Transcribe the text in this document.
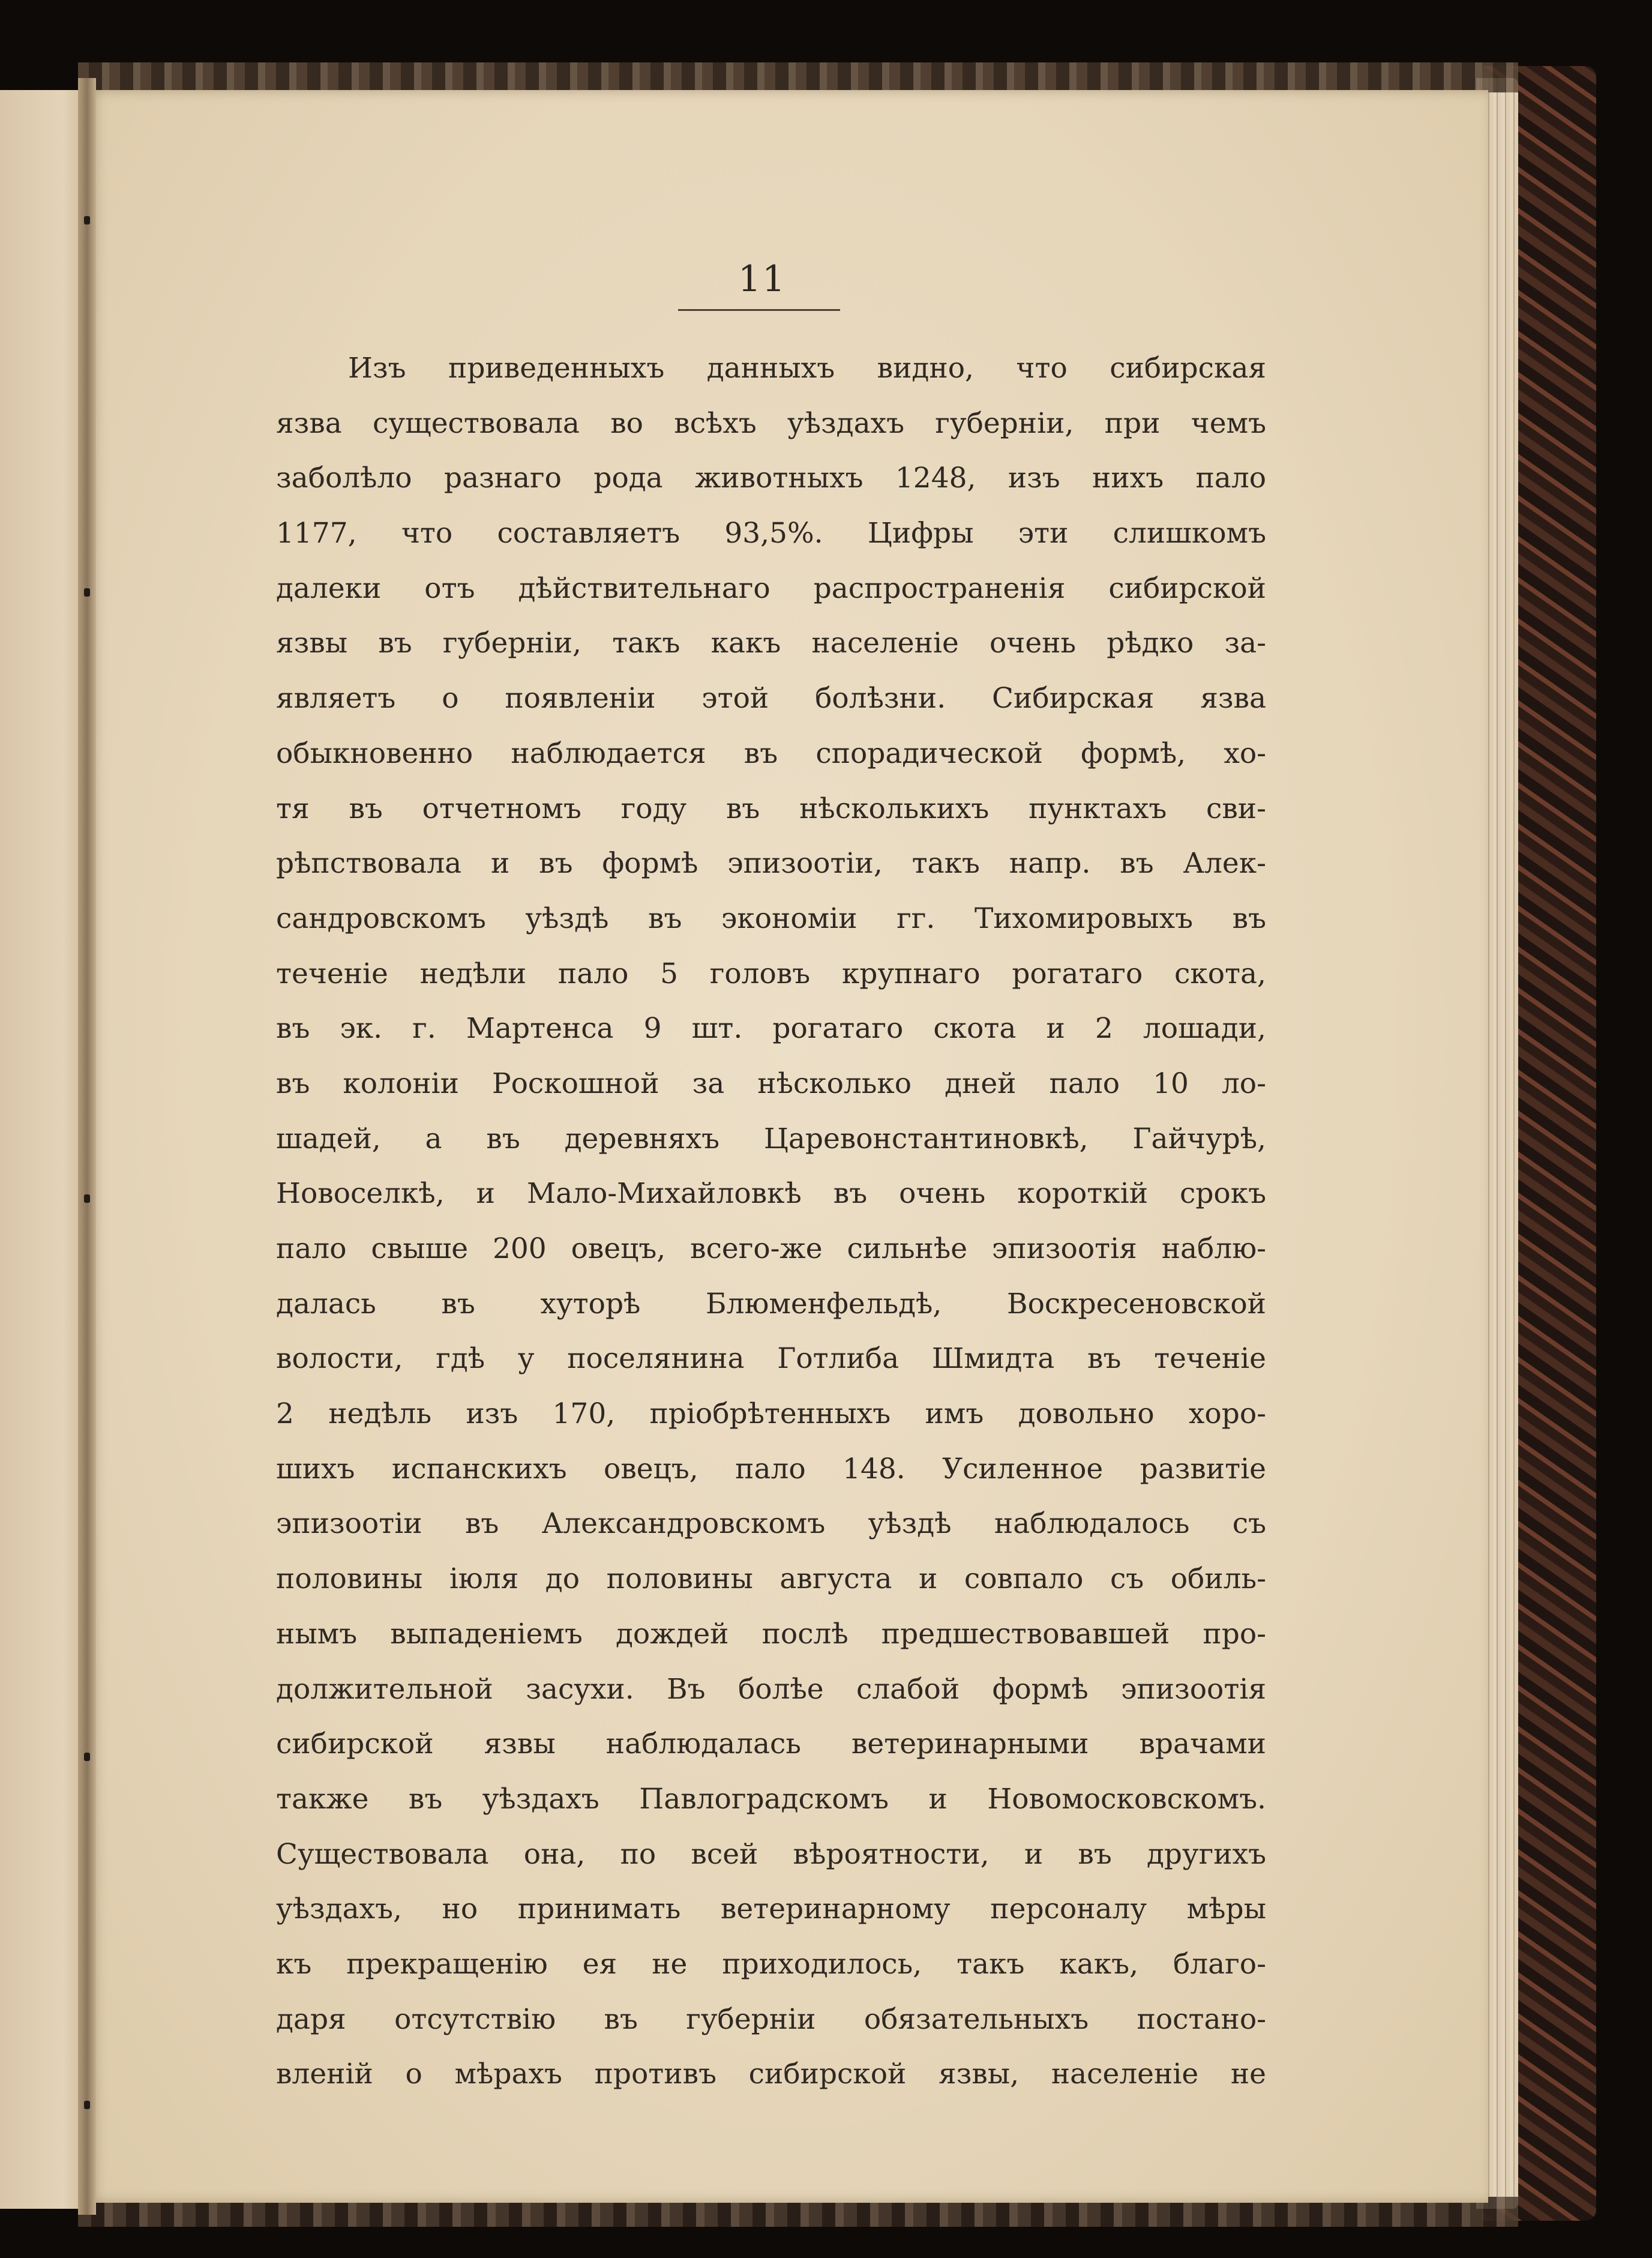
11
Изъ приведенныхъ данныхъ видно, что сибирская
язва существовала во всѣхъ уѣздахъ губерніи, при чемъ
заболѣло разнаго рода животныхъ 1248, изъ нихъ пало
1177, что составляетъ 93,5%. Цифры эти слишкомъ
далеки отъ дѣйствительнаго распространенія сибирской
язвы въ губерніи, такъ какъ населеніе очень рѣдко за-
являетъ о появленіи этой болѣзни. Сибирская язва
обыкновенно наблюдается въ спорадической формѣ, хо-
тя въ отчетномъ году въ нѣсколькихъ пунктахъ сви-
рѣпствовала и въ формѣ эпизоотіи, такъ напр. въ Алек-
сандровскомъ уѣздѣ въ экономіи гг. Тихомировыхъ въ
теченіе недѣли пало 5 головъ крупнаго рогатаго скота,
въ эк. г. Мартенса 9 шт. рогатаго скота и 2 лошади,
въ колоніи Роскошной за нѣсколько дней пало 10 ло-
шадей, а въ деревняхъ Царевонстантиновкѣ, Гайчурѣ,
Новоселкѣ, и Мало-Михайловкѣ въ очень короткій срокъ
пало свыше 200 овецъ, всего-же сильнѣе эпизоотія наблю-
далась въ хуторѣ Блюменфельдѣ, Воскресеновской
волости, гдѣ у поселянина Готлиба Шмидта въ теченіе
2 недѣль изъ 170, пріобрѣтенныхъ имъ довольно хоро-
шихъ испанскихъ овецъ, пало 148. Усиленное развитіе
эпизоотіи въ Александровскомъ уѣздѣ наблюдалось съ
половины іюля до половины августа и совпало съ обиль-
нымъ выпаденіемъ дождей послѣ предшествовавшей про-
должительной засухи. Въ болѣе слабой формѣ эпизоотія
сибирской язвы наблюдалась ветеринарными врачами
также въ уѣздахъ Павлоградскомъ и Новомосковскомъ.
Существовала она, по всей вѣроятности, и въ другихъ
уѣздахъ, но принимать ветеринарному персоналу мѣры
къ прекращенію ея не приходилось, такъ какъ, благо-
даря отсутствію въ губерніи обязательныхъ постано-
вленій о мѣрахъ противъ сибирской язвы, населеніе не
